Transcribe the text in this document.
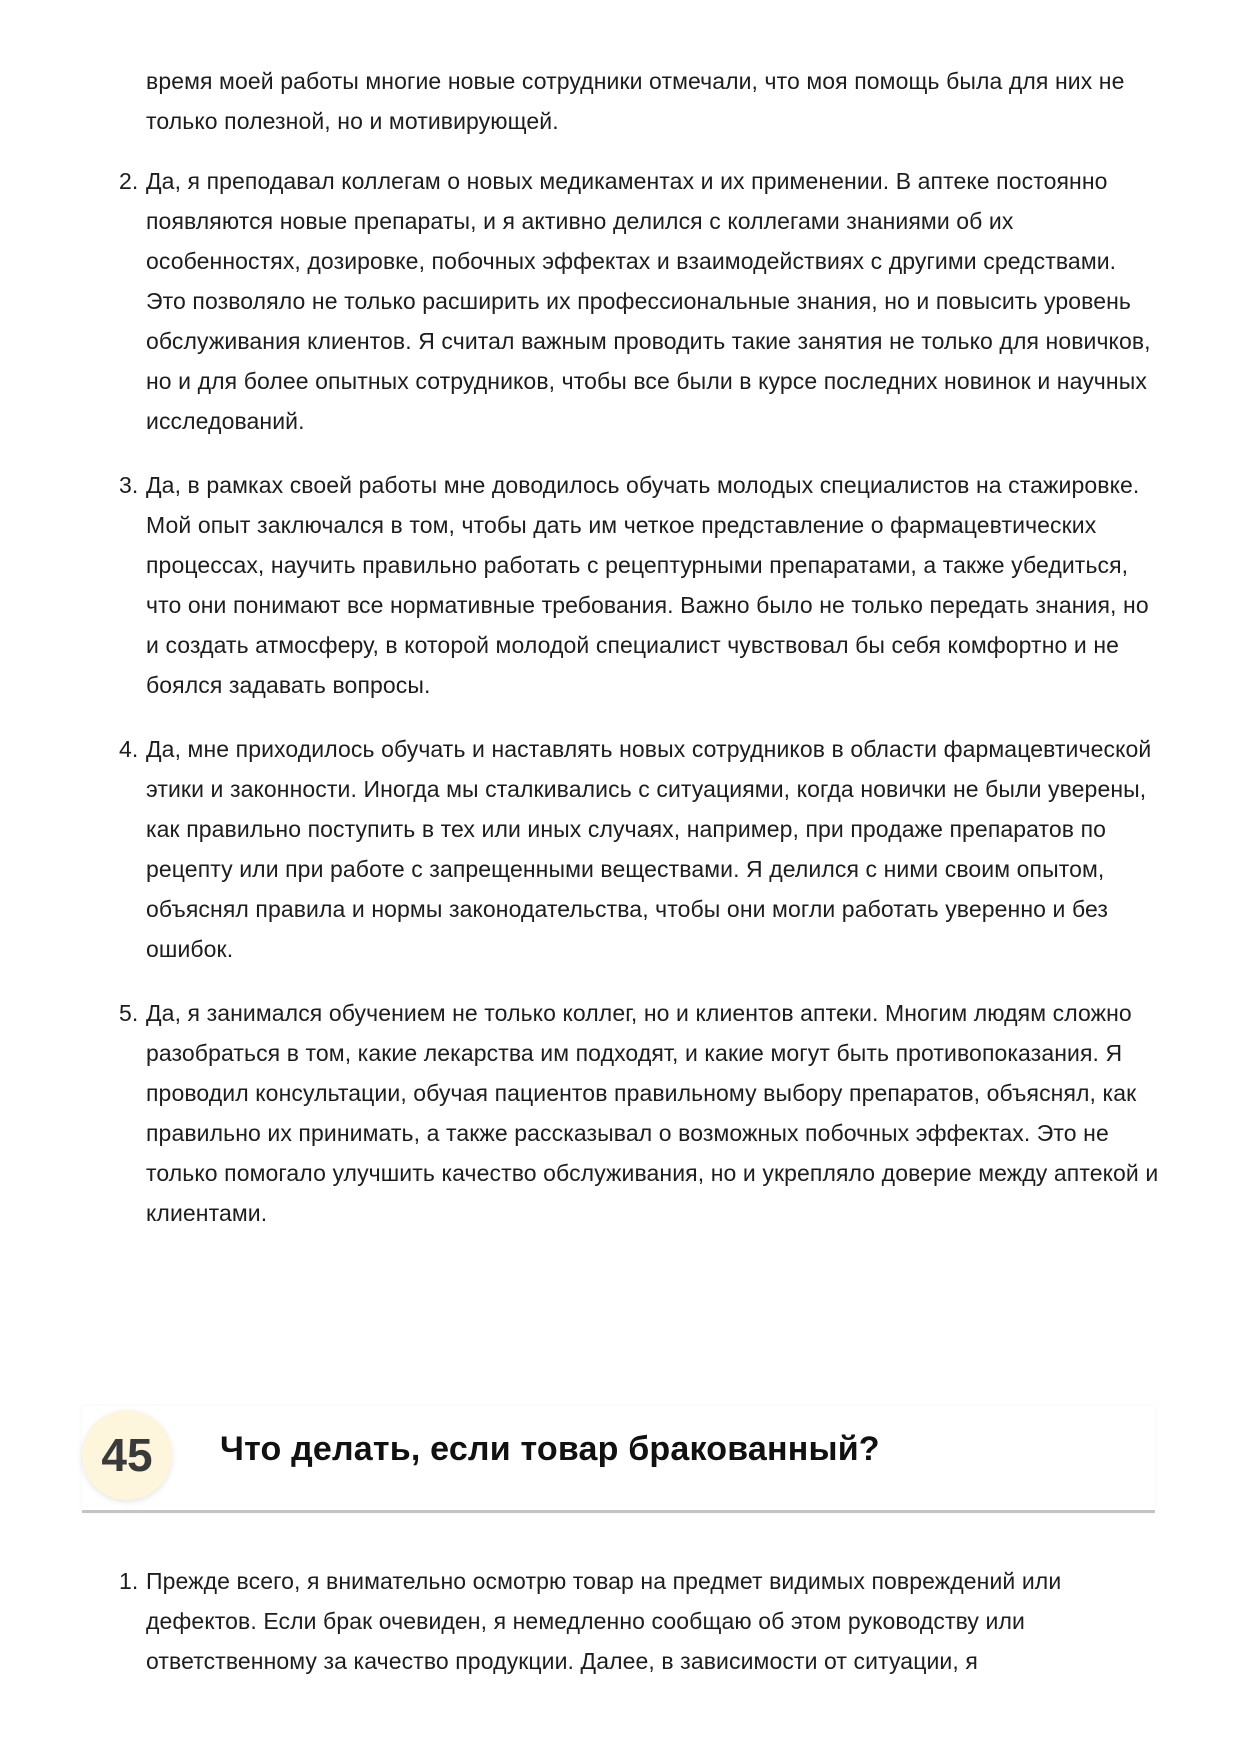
время моей работы многие новые сотрудники отмечали, что моя помощь была для них не только полезной, но и мотивирующей.
2. Да, я преподавал коллегам о новых медикаментах и их применении. В аптеке постоянно появляются новые препараты, и я активно делился с коллегами знаниями об их особенностях, дозировке, побочных эффектах и взаимодействиях с другими средствами. Это позволяло не только расширить их профессиональные знания, но и повысить уровень обслуживания клиентов. Я считал важным проводить такие занятия не только для новичков, но и для более опытных сотрудников, чтобы все были в курсе последних новинок и научных исследований.
3. Да, в рамках своей работы мне доводилось обучать молодых специалистов на стажировке. Мой опыт заключался в том, чтобы дать им четкое представление о фармацевтических процессах, научить правильно работать с рецептурными препаратами, а также убедиться, что они понимают все нормативные требования. Важно было не только передать знания, но и создать атмосферу, в которой молодой специалист чувствовал бы себя комфортно и не боялся задавать вопросы.
4. Да, мне приходилось обучать и наставлять новых сотрудников в области фармацевтической этики и законности. Иногда мы сталкивались с ситуациями, когда новички не были уверены, как правильно поступить в тех или иных случаях, например, при продаже препаратов по рецепту или при работе с запрещенными веществами. Я делился с ними своим опытом, объяснял правила и нормы законодательства, чтобы они могли работать уверенно и без ошибок.
5. Да, я занимался обучением не только коллег, но и клиентов аптеки. Многим людям сложно разобраться в том, какие лекарства им подходят, и какие могут быть противопоказания. Я проводил консультации, обучая пациентов правильному выбору препаратов, объяснял, как правильно их принимать, а также рассказывал о возможных побочных эффектах. Это не только помогало улучшить качество обслуживания, но и укрепляло доверие между аптекой и клиентами.
45	Что делать, если товар бракованный?
1. Прежде всего, я внимательно осмотрю товар на предмет видимых повреждений или дефектов. Если брак очевиден, я немедленно сообщаю об этом руководству или ответственному за качество продукции. Далее, в зависимости от ситуации, я
